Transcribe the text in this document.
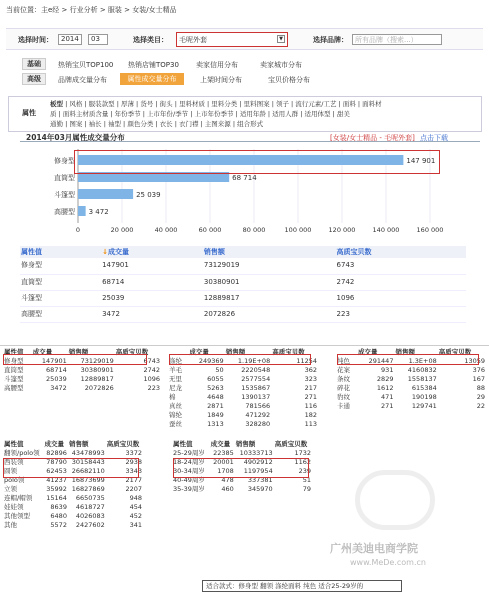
当前位置：主e经 > 行业分析 > 服装 > 女装/女士精品
选择时间：	2014	03	选择类目：	毛呢外套	▼	选择品牌：	所有品牌（搜索...）
基础	热销宝贝TOP100 热销店铺TOP30 卖家信用分布	卖家城市分布
高级	品牌成交量分布	属性成交量分布	上架时间分布	宝贝价格分布
属性
板型 | 风格 | 服装款型 | 厚薄 | 货号 | 街头 | 里料材质 | 里料分类 | 里料图案 | 领子 | 流行元素/工艺 | 面料 | 面料材
质 | 面料主材质含量 | 年份季节 | 上市年份/季节 | 上市年份季节 | 适用年龄 | 适用人群 | 适用体型 | 甜美
通勤 | 图案 | 袖长 | 袖型 | 颜色分类 | 衣长 | 衣门襟 | 主图来源 | 组合形式
2014年03月属性成交量分布	[女装/女士精品 - 毛呢外套] 点击下载
0	20 000	40 000	60 000	80 000	100 000	120 000	140 000	160 000
修身型	147 901
直筒型	68 714
斗篷型	25 039
高腰型 3 472
属性值	↓成交量	销售额	高质宝贝数
修身型	147901	73129019	6743
直筒型	68714	30380901	2742
斗篷型	25039	12889817	1096
高腰型	3472	2072826	223
属性值	成交量	销售额	高质宝贝数
修身型	147901	73129019	6743
直筒型	68714	30380901	2742
斗篷型	25039	12889817	1096
高腰型	3472	2072826	223
	成交量	销售额	高质宝贝数
涤纶	249369	1.19E+08	11254
羊毛	50	2220548	362
无里	6055	2577554	323
尼龙	5263	1535867	217
棉	4648	1390137	271
真丝	2871	781566	116
锦纶	1849	471292	182
蚕丝	1313	328280	113
	成交量	销售额	高质宝贝数
纯色	291447	1.3E+08	13059
花案	931	4160832	376
条纹	2829	1558137	167
碎花	1612	615384	88
豹纹	471	190198	29
卡通	271	129741	22
属性值	成交量	销售额	高质宝贝数
翻领/polo领	82896	43478993	3372
西装领	78790	30158443	2938
圆领	62453	26682110	3343
polo领	41237	16873699	2177
立领	35992	16827869	2207
连帽/帽领	15164	6650735	948
娃娃领	8639	4618727	454
其他领型	6480	4026083	452
其他	5572	2427602	341
属性值	成交量	销售额	高质宝贝数
25-29周岁	22385	10333713	1732
18-24周岁	20001	4902912	1162
30-34周岁	1708	1197954	239
40-49周岁	478	337381	51
35-39周岁	460	345970	79
适合款式：修身型 翻领 涤纶面料 纯色 适合25-29岁的
广州美迪电商学院
www.MeDe.com.cn
